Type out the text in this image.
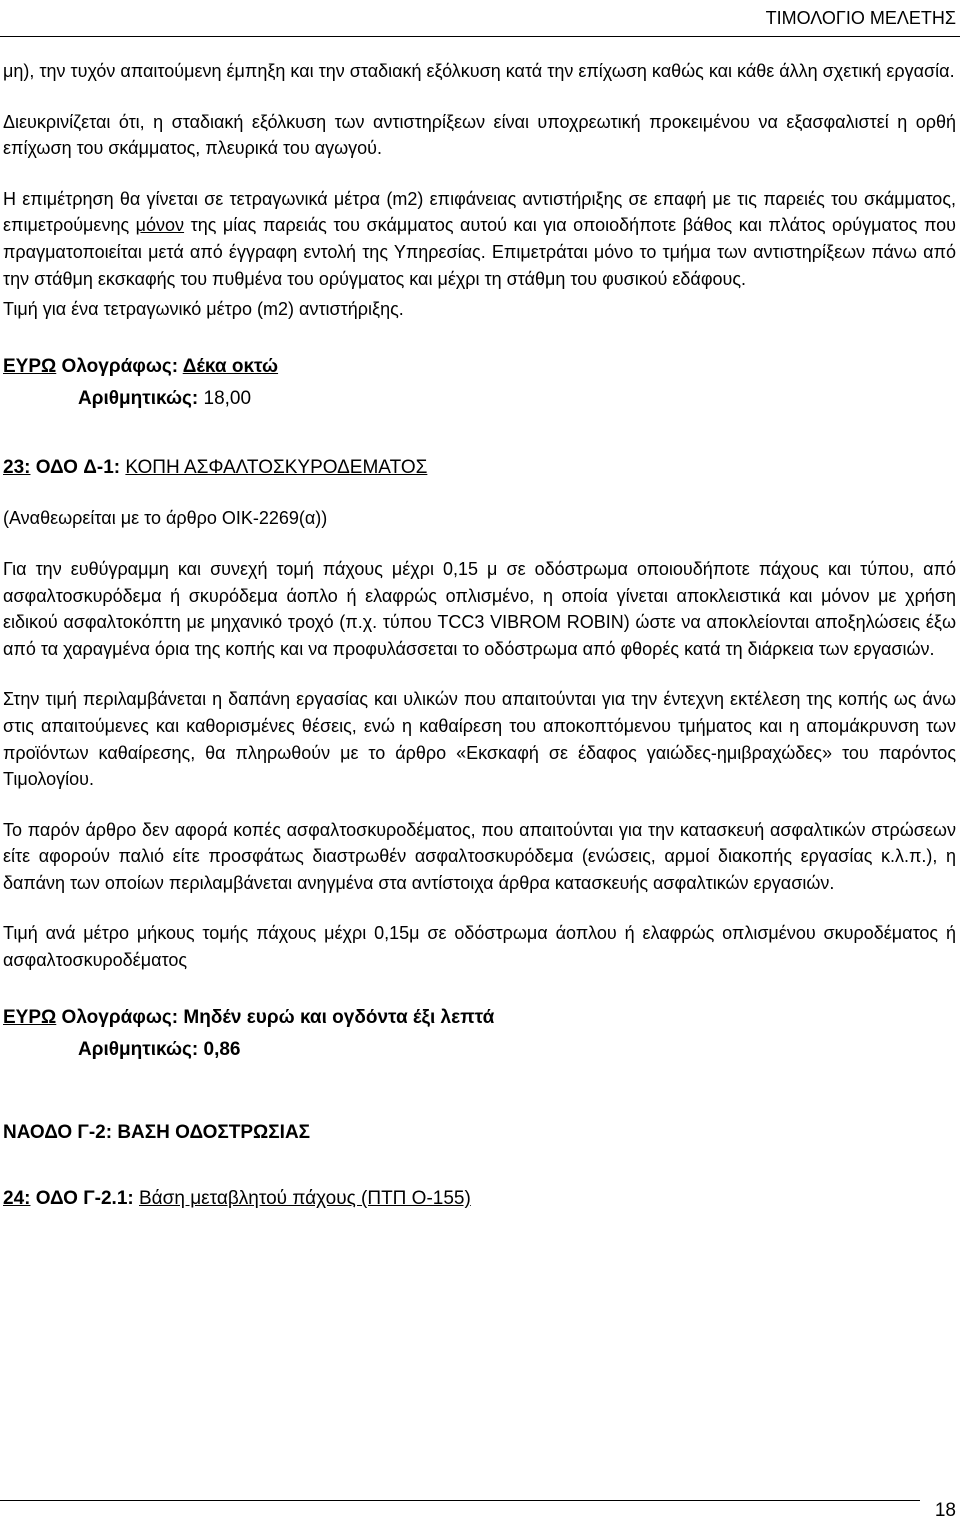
ΤΙΜΟΛΟΓΙΟ ΜΕΛΕΤΗΣ

μη), την τυχόν απαιτούμενη έμπηξη και την σταδιακή εξόλκυση κατά την επίχωση καθώς και κάθε άλλη σχετική εργασία.

Διευκρινίζεται ότι, η σταδιακή εξόλκυση των αντιστηρίξεων είναι υποχρεωτική προκειμένου να εξασφαλιστεί η ορθή επίχωση του σκάμματος, πλευρικά του αγωγού.

Η επιμέτρηση θα γίνεται σε τετραγωνικά μέτρα (m2) επιφάνειας αντιστήριξης σε επαφή με τις παρειές του σκάμματος, επιμετρούμενης μόνον της μίας παρειάς του σκάμματος αυτού και για οποιοδήποτε βάθος και πλάτος ορύγματος που πραγματοποιείται μετά από έγγραφη εντολή της Υπηρεσίας. Επιμετράται μόνο το τμήμα των αντιστηρίξεων πάνω από την στάθμη εκσκαφής του πυθμένα του ορύγματος και μέχρι τη στάθμη του φυσικού εδάφους.

Τιμή για ένα τετραγωνικό μέτρο (m2) αντιστήριξης.

ΕΥΡΩ Ολογράφως: Δέκα οκτώ
Αριθμητικώς: 18,00

23: ΟΔΟ Δ-1: ΚΟΠΗ ΑΣΦΑΛΤΟΣΚΥΡΟΔΕΜΑΤΟΣ

(Αναθεωρείται με το άρθρο ΟΙΚ-2269(α))

Για την ευθύγραμμη και συνεχή τομή πάχους μέχρι 0,15 μ σε οδόστρωμα οποιουδήποτε πάχους και τύπου, από ασφαλτοσκυρόδεμα ή σκυρόδεμα άοπλο ή ελαφρώς οπλισμένο, η οποία γίνεται αποκλειστικά και μόνον με χρήση ειδικού ασφαλτοκόπτη με μηχανικό τροχό (π.χ. τύπου TCC3 VIBROM ROBIN) ώστε να αποκλείονται αποξηλώσεις έξω από τα χαραγμένα όρια της κοπής και να προφυλάσσεται το οδόστρωμα από φθορές κατά τη διάρκεια των εργασιών.

Στην τιμή περιλαμβάνεται η δαπάνη εργασίας και υλικών που απαιτούνται για την έντεχνη εκτέλεση της κοπής ως άνω στις απαιτούμενες και καθορισμένες θέσεις, ενώ η καθαίρεση του αποκοπτόμενου τμήματος και η απομάκρυνση των προϊόντων καθαίρεσης, θα πληρωθούν με το άρθρο «Εκσκαφή σε έδαφος γαιώδες-ημιβραχώδες» του παρόντος Τιμολογίου.

Το παρόν άρθρο δεν αφορά κοπές ασφαλτοσκυροδέματος, που απαιτούνται για την κατασκευή ασφαλτικών στρώσεων είτε αφορούν παλιό είτε προσφάτως διαστρωθέν ασφαλτοσκυρόδεμα (ενώσεις, αρμοί διακοπής εργασίας κ.λ.π.), η δαπάνη των οποίων περιλαμβάνεται ανηγμένα στα αντίστοιχα άρθρα κατασκευής ασφαλτικών εργασιών.

Τιμή ανά μέτρο μήκους τομής πάχους μέχρι 0,15μ σε οδόστρωμα άοπλου ή ελαφρώς οπλισμένου σκυροδέματος ή ασφαλτοσκυροδέματος

ΕΥΡΩ Ολογράφως: Μηδέν ευρώ και ογδόντα έξι λεπτά
Αριθμητικώς: 0,86

ΝΑΟΔΟ Γ-2: ΒΑΣΗ ΟΔΟΣΤΡΩΣΙΑΣ

24: ΟΔΟ Γ-2.1: Βάση μεταβλητού πάχους (ΠΤΠ Ο-155)

18
